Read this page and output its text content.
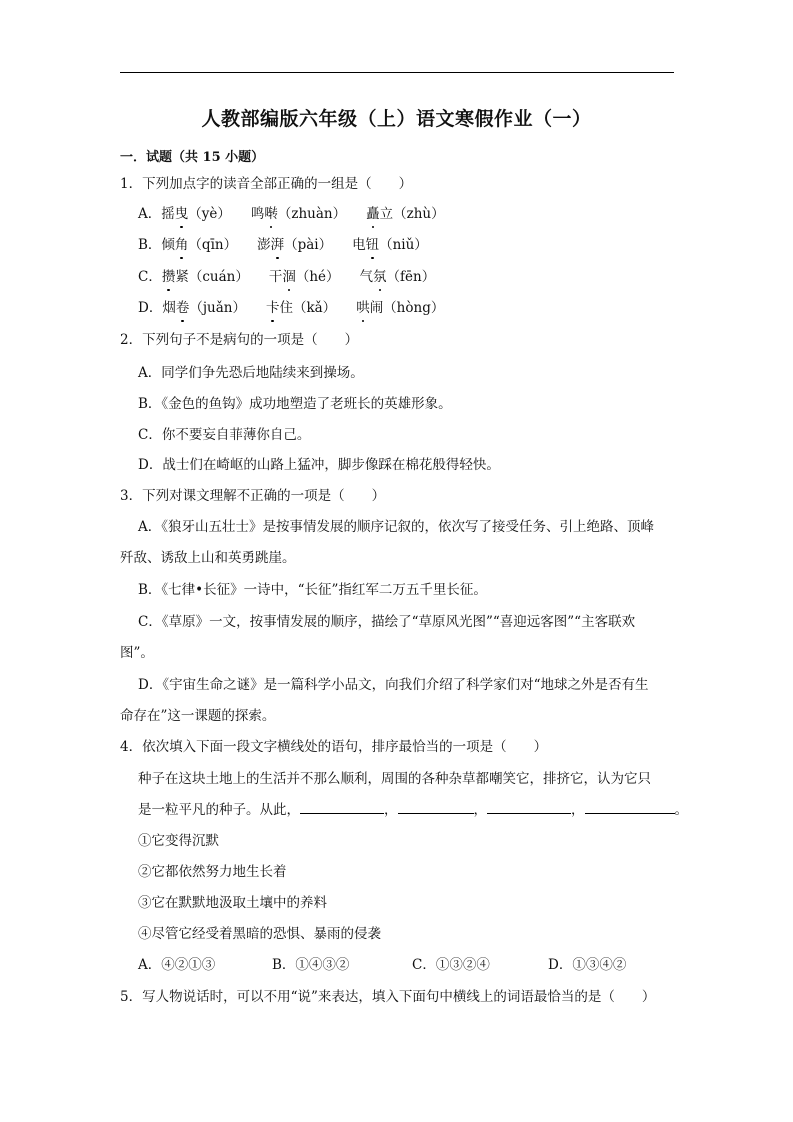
人教部编版六年级（上）语文寒假作业（一）
一．试题（共 15 小题）
1．下列加点字的读音全部正确的一组是（　　）
A．摇曳（yè） 鸣啭（zhuàn） 矗立（zhù）
B．倾角（qīn） 澎湃（pài） 电钮（niǔ）
C．攒紧（cuán） 干涸（hé） 气氛（fēn）
D．烟卷（juǎn） 卡住（kǎ） 哄闹（hòng）
2．下列句子不是病句的一项是（　　）
A．同学们争先恐后地陆续来到操场。
B．《金色的鱼钩》成功地塑造了老班长的英雄形象。
C．你不要妄自菲薄你自己。
D．战士们在崎岖的山路上猛冲，脚步像踩在棉花般得轻快。
3．下列对课文理解不正确的一项是（　　）
A．《狼牙山五壮士》是按事情发展的顺序记叙的，依次写了接受任务、引上绝路、顶峰
歼敌、诱敌上山和英勇跳崖。
B．《七律•长征》一诗中，“长征”指红军二万五千里长征。
C．《草原》一文，按事情发展的顺序，描绘了“草原风光图”“喜迎远客图”“主客联欢
图”。
D．《宇宙生命之谜》是一篇科学小品文，向我们介绍了科学家们对“地球之外是否有生
命存在”这一课题的探索。
4．依次填入下面一段文字横线处的语句，排序最恰当的一项是（　　）
种子在这块土地上的生活并不那么顺利，周围的各种杂草都嘲笑它，排挤它，认为它只
是一粒平凡的种子。从此，	，	，	，	。
①它变得沉默
②它都依然努力地生长着
③它在默默地汲取土壤中的养料
④尽管它经受着黑暗的恐惧、暴雨的侵袭
A．④②①③	B．①④③②	C．①③②④	D．①③④②
5．写人物说话时，可以不用“说”来表达，填入下面句中横线上的词语最恰当的是（　　）
